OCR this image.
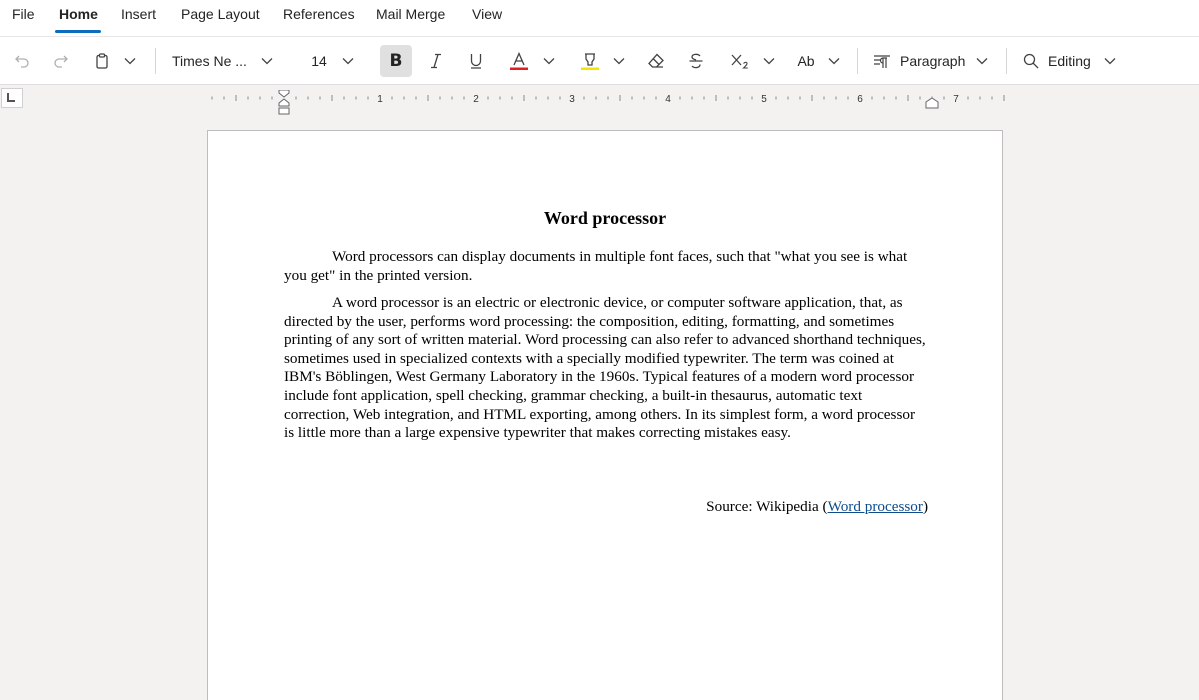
File Home Insert Page Layout References Mail Merge View
Times Ne ...	14	B	Ab	Paragraph	Editing
1	2	3	4	5	6	7
Word processor

Word processors can display documents in multiple font faces, such that "what you see is what you get" in the printed version.

A word processor is an electric or electronic device, or computer software application, that, as directed by the user, performs word processing: the composition, editing, formatting, and sometimes printing of any sort of written material. Word processing can also refer to advanced shorthand techniques, sometimes used in specialized contexts with a specially modified typewriter. The term was coined at IBM's Böblingen, West Germany Laboratory in the 1960s. Typical features of a modern word processor include font application, spell checking, grammar checking, a built-in thesaurus, automatic text correction, Web integration, and HTML exporting, among others. In its simplest form, a word processor is little more than a large expensive typewriter that makes correcting mistakes easy.

Source: Wikipedia (Word processor)
